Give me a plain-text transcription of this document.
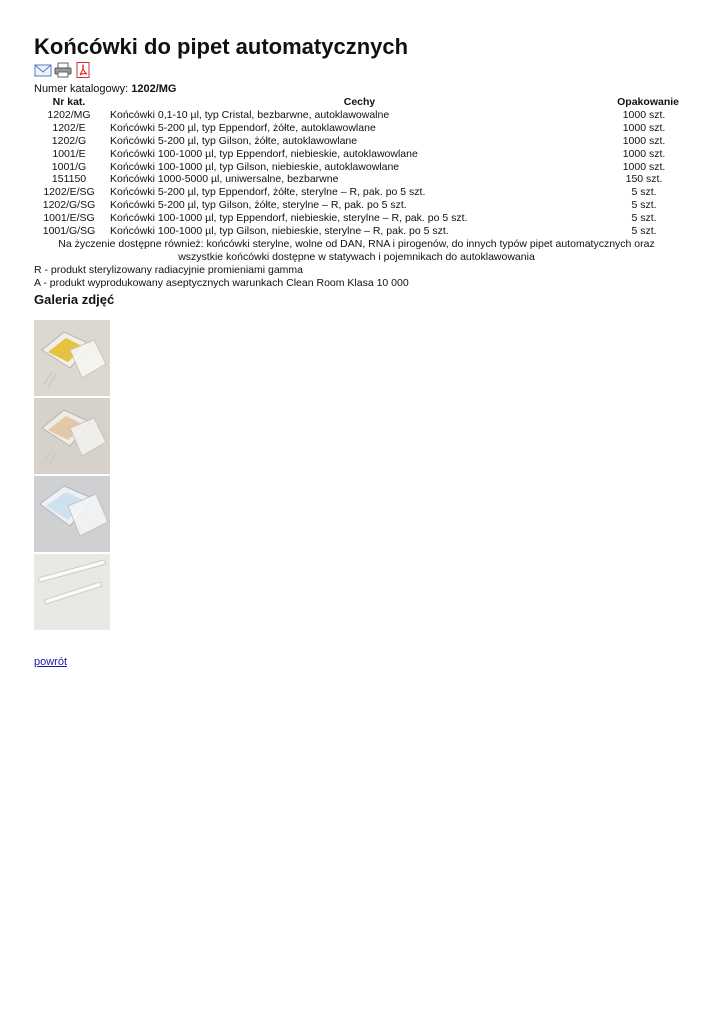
Końcówki do pipet automatycznych
Numer katalogowy: 1202/MG
Nr kat.	Cechy	Opakowanie
1202/MG	Końcówki 0,1-10 µl, typ Cristal, bezbarwne, autoklawowalne	1000 szt.
1202/E	Końcówki 5-200 µl, typ Eppendorf, żółte, autoklawowlane	1000 szt.
1202/G	Końcówki 5-200 µl, typ Gilson, żółte, autoklawowlane	1000 szt.
1001/E	Końcówki 100-1000 µl, typ Eppendorf, niebieskie, autoklawowlane	1000 szt.
1001/G	Końcówki 100-1000 µl, typ Gilson, niebieskie, autoklawowlane	1000 szt.
151150	Końcówki 1000-5000 µl, uniwersalne, bezbarwne	150 szt.
1202/E/SG	Końcówki 5-200 µl, typ Eppendorf, żółte, sterylne – R, pak. po 5 szt.	5 szt.
1202/G/SG	Końcówki 5-200 µl, typ Gilson, żółte, sterylne – R, pak. po 5 szt.	5 szt.
1001/E/SG	Końcówki 100-1000 µl, typ Eppendorf, niebieskie, sterylne – R, pak. po 5 szt.	5 szt.
1001/G/SG	Końcówki 100-1000 µl, typ Gilson, niebieskie, sterylne – R, pak. po 5 szt.	5 szt.
Na życzenie dostępne również: końcówki sterylne, wolne od DAN, RNA i pirogenów, do innych typów pipet automatycznych oraz
wszystkie końcówki dostępne w statywach i pojemnikach do autoklawowania
R - produkt sterylizowany radiacyjnie promieniami gamma
A - produkt wyprodukowany aseptycznych warunkach Clean Room Klasa 10 000
Galeria zdjęć
powrót
